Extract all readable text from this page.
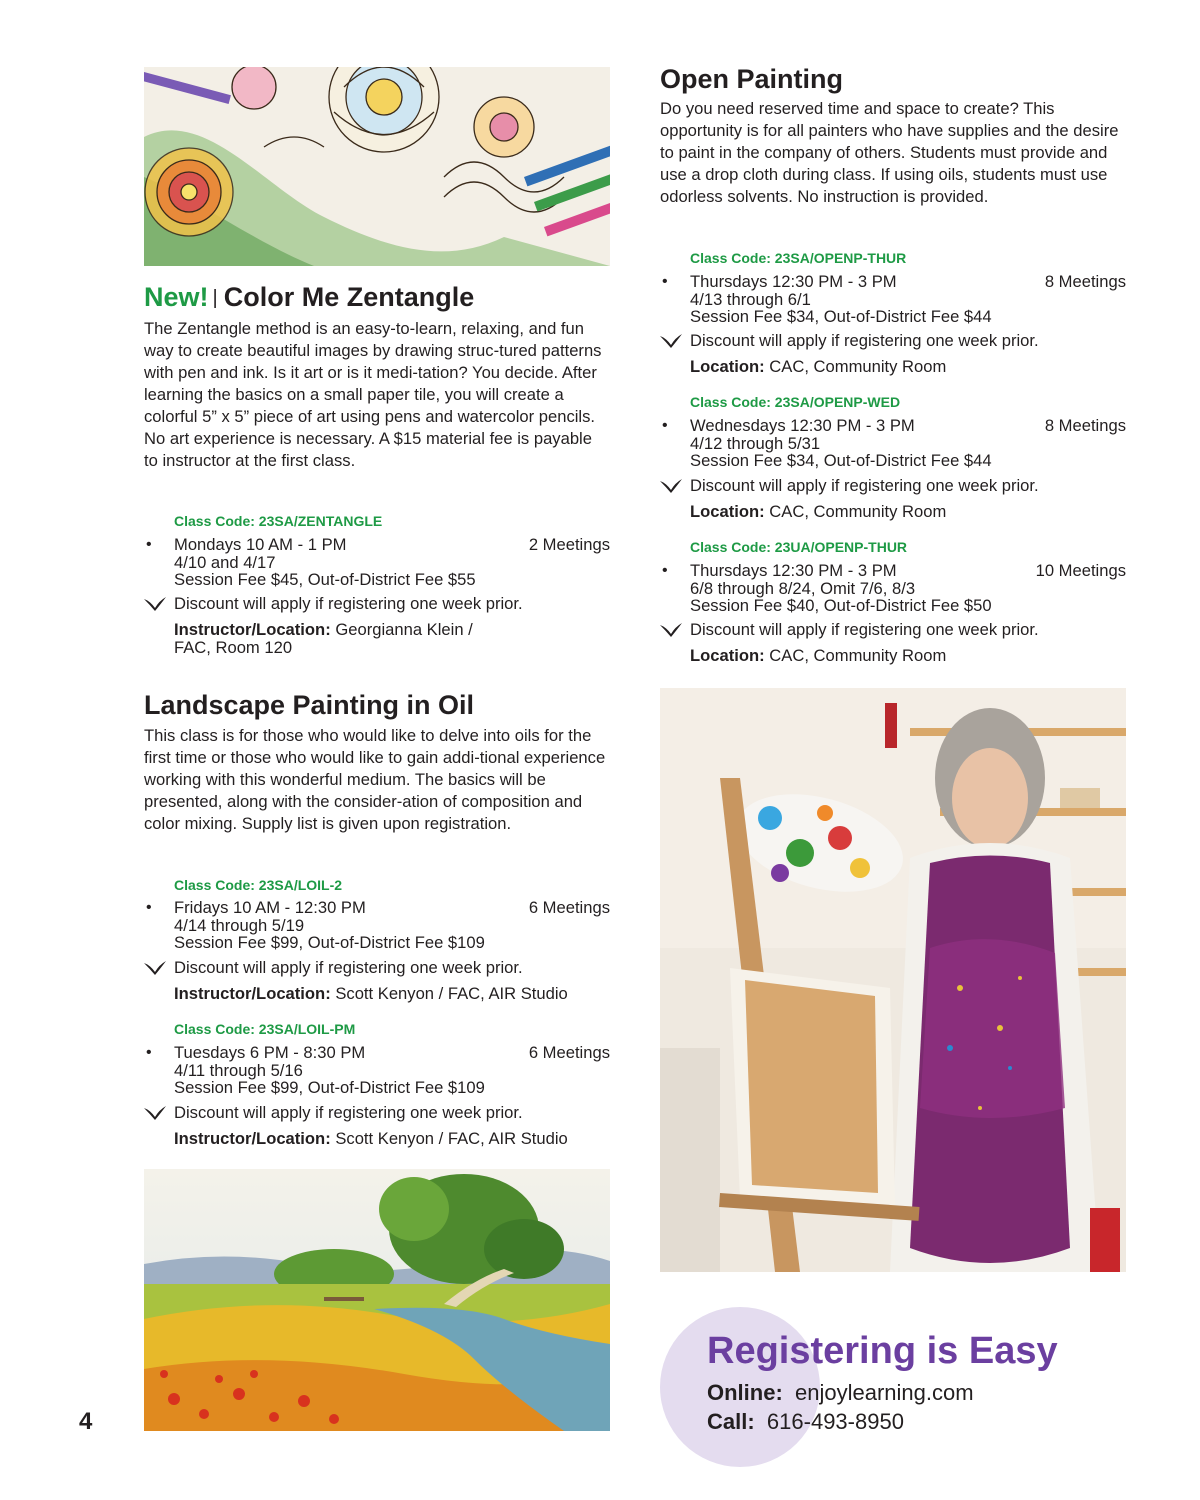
New! | Color Me Zentangle

The Zentangle method is an easy-to-learn, relaxing, and fun way to create beautiful images by drawing struc-tured patterns with pen and ink. Is it art or is it medi-tation? You decide. After learning the basics on a small paper tile, you will create a colorful 5” x 5” piece of art using pens and watercolor pencils. No art experience is necessary. A $15 material fee is payable to instructor at the first class.

Class Code: 23SA/ZENTANGLE
• Mondays 10 AM - 1 PM	2 Meetings
4/10 and 4/17
Session Fee $45, Out-of-District Fee $55
Discount will apply if registering one week prior.
Instructor/Location: Georgianna Klein /
FAC, Room 120
Landscape Painting in Oil

This class is for those who would like to delve into oils for the first time or those who would like to gain addi-tional experience working with this wonderful medium. The basics will be presented, along with the consider-ation of composition and color mixing. Supply list is given upon registration.

Class Code: 23SA/LOIL-2
• Fridays 10 AM - 12:30 PM	6 Meetings
4/14 through 5/19
Session Fee $99, Out-of-District Fee $109
Discount will apply if registering one week prior.
Instructor/Location: Scott Kenyon / FAC, AIR Studio
Class Code: 23SA/LOIL-PM
• Tuesdays 6 PM - 8:30 PM	6 Meetings
4/11 through 5/16
Session Fee $99, Out-of-District Fee $109
Discount will apply if registering one week prior.
Instructor/Location: Scott Kenyon / FAC, AIR Studio
4
Open Painting

Do you need reserved time and space to create? This opportunity is for all painters who have supplies and the desire to paint in the company of others. Students must provide and use a drop cloth during class. If using oils, students must use odorless solvents. No instruction is provided.

Class Code: 23SA/OPENP-THUR
• Thursdays 12:30 PM - 3 PM	8 Meetings
4/13 through 6/1
Session Fee $34, Out-of-District Fee $44
Discount will apply if registering one week prior.
Location: CAC, Community Room
Class Code: 23SA/OPENP-WED
• Wednesdays 12:30 PM - 3 PM	8 Meetings
4/12 through 5/31
Session Fee $34, Out-of-District Fee $44
Discount will apply if registering one week prior.
Location: CAC, Community Room
Class Code: 23UA/OPENP-THUR
• Thursdays 12:30 PM - 3 PM	10 Meetings
6/8 through 8/24, Omit 7/6, 8/3
Session Fee $40, Out-of-District Fee $50
Discount will apply if registering one week prior.
Location: CAC, Community Room
Registering is Easy
Online: enjoylearning.com
Call: 616-493-8950
